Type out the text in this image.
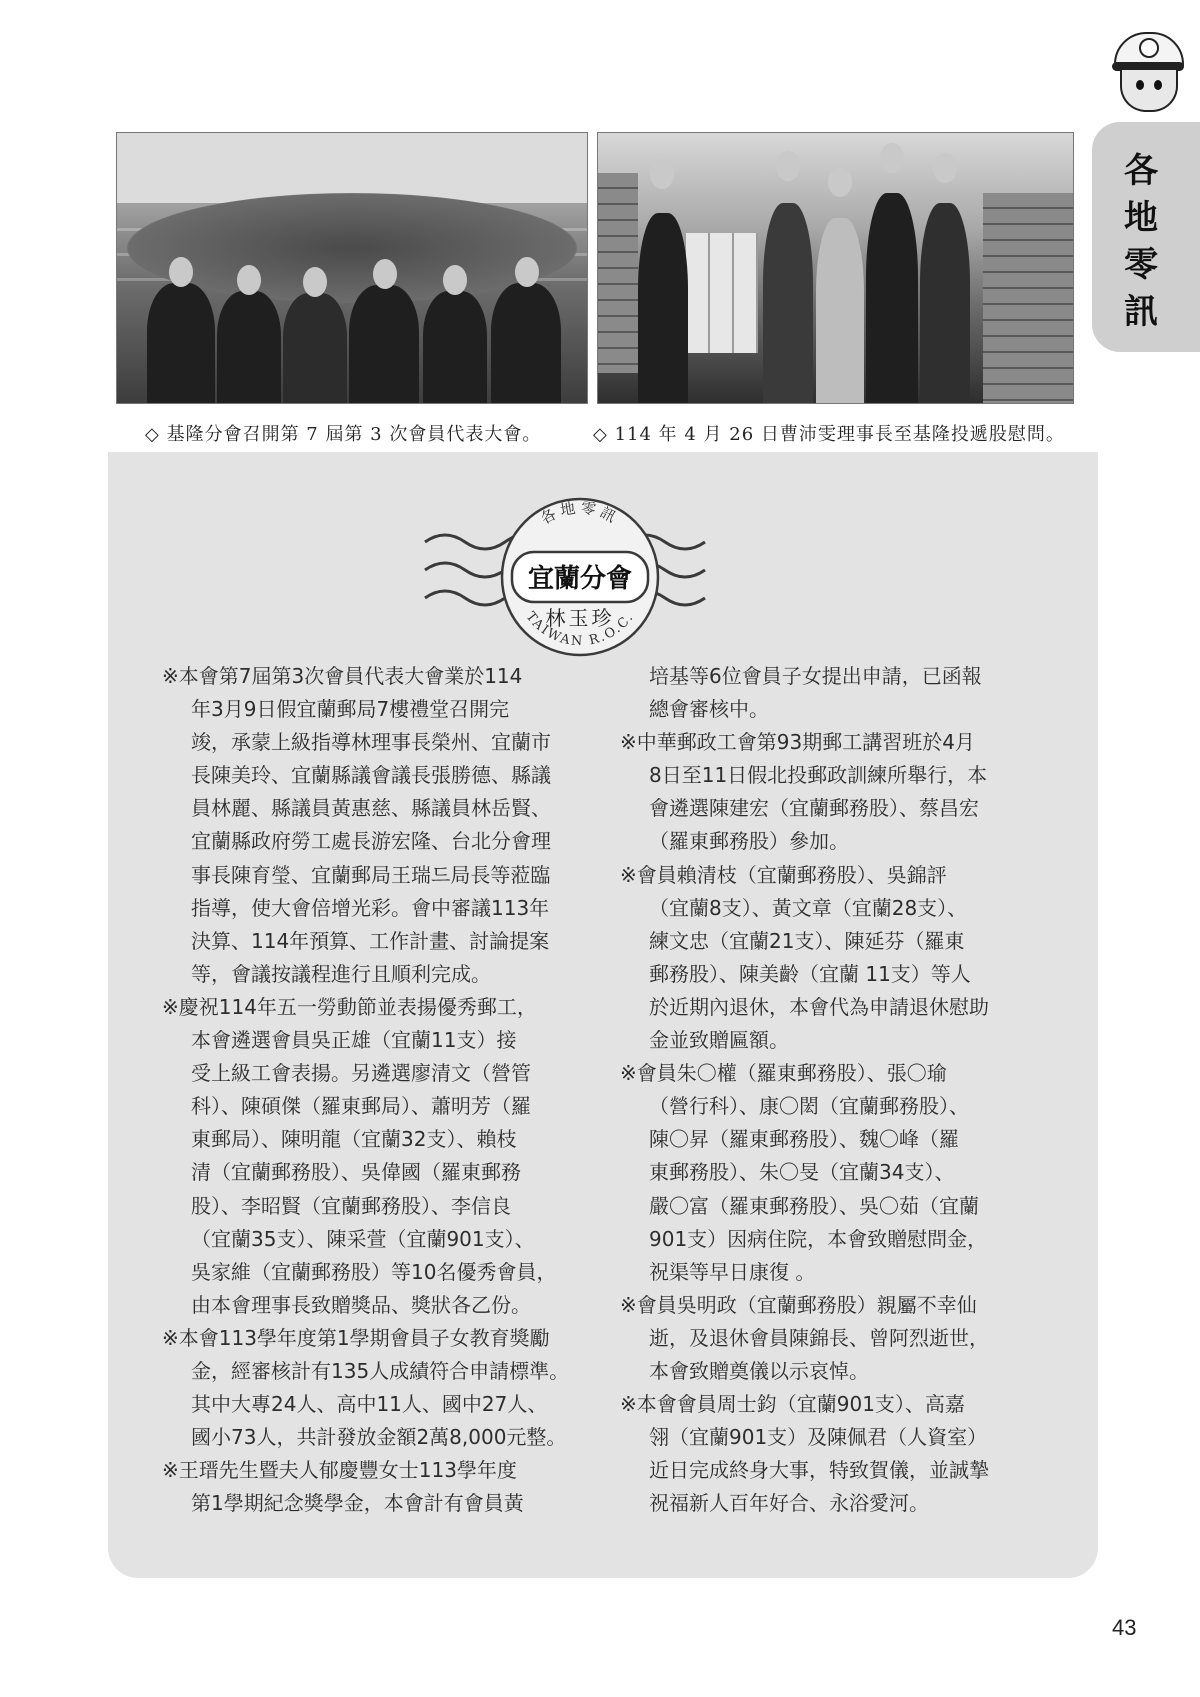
◇ 基隆分會召開第 7 屆第 3 次會員代表大會。	◇ 114 年 4 月 26 日曹沛雯理事長至基隆投遞股慰問。
各地零訊
各地零訊
宜蘭分會
林玉珍
TAIWAN R.O.C.
※本會第7屆第3次會員代表大會業於114
年3月9日假宜蘭郵局7樓禮堂召開完
竣，承蒙上級指導林理事長榮州、宜蘭市
長陳美玲、宜蘭縣議會議長張勝德、縣議
員林麗、縣議員黃惠慈、縣議員林岳賢、
宜蘭縣政府勞工處長游宏隆、台北分會理
事長陳育瑩、宜蘭郵局王瑞드局長等蒞臨
指導，使大會倍增光彩。會中審議113年
決算、114年預算、工作計畫、討論提案
等，會議按議程進行且順利完成。
※慶祝114年五一勞動節並表揚優秀郵工，
本會遴選會員吳正雄（宜蘭11支）接
受上級工會表揚。另遴選廖清文（營管
科）、陳碩傑（羅東郵局）、蕭明芳（羅
東郵局）、陳明龍（宜蘭32支）、賴枝
清（宜蘭郵務股）、吳偉國（羅東郵務
股）、李昭賢（宜蘭郵務股）、李信良
（宜蘭35支）、陳采萱（宜蘭901支）、
吳家維（宜蘭郵務股）等10名優秀會員，
由本會理事長致贈獎品、獎狀各乙份。
※本會113學年度第1學期會員子女教育獎勵
金，經審核計有135人成績符合申請標準。
其中大專24人、高中11人、國中27人、
國小73人，共計發放金額2萬8,000元整。
※王瑨先生暨夫人郁慶豐女士113學年度
第1學期紀念獎學金，本會計有會員黃
培基等6位會員子女提出申請，已函報
總會審核中。
※中華郵政工會第93期郵工講習班於4月
8日至11日假北投郵政訓練所舉行，本
會遴選陳建宏（宜蘭郵務股）、蔡昌宏
（羅東郵務股）參加。
※會員賴清枝（宜蘭郵務股）、吳錦評
（宜蘭8支）、黃文章（宜蘭28支）、
練文忠（宜蘭21支）、陳延芬（羅東
郵務股）、陳美齡（宜蘭 11支）等人
於近期內退休，本會代為申請退休慰助
金並致贈匾額。
※會員朱〇權（羅東郵務股）、張〇瑜
（營行科）、康〇閎（宜蘭郵務股）、
陳〇昇（羅東郵務股）、魏〇峰（羅
東郵務股）、朱〇旻（宜蘭34支）、
嚴〇富（羅東郵務股）、吳〇茹（宜蘭
901支）因病住院，本會致贈慰問金，
祝渠等早日康復 。
※會員吳明政（宜蘭郵務股）親屬不幸仙
逝，及退休會員陳錦長、曾阿烈逝世，
本會致贈奠儀以示哀悼。
※本會會員周士鈞（宜蘭901支）、高嘉
翎（宜蘭901支）及陳佩君（人資室）
近日完成終身大事，特致賀儀，並誠摯
祝福新人百年好合、永浴愛河。
43
